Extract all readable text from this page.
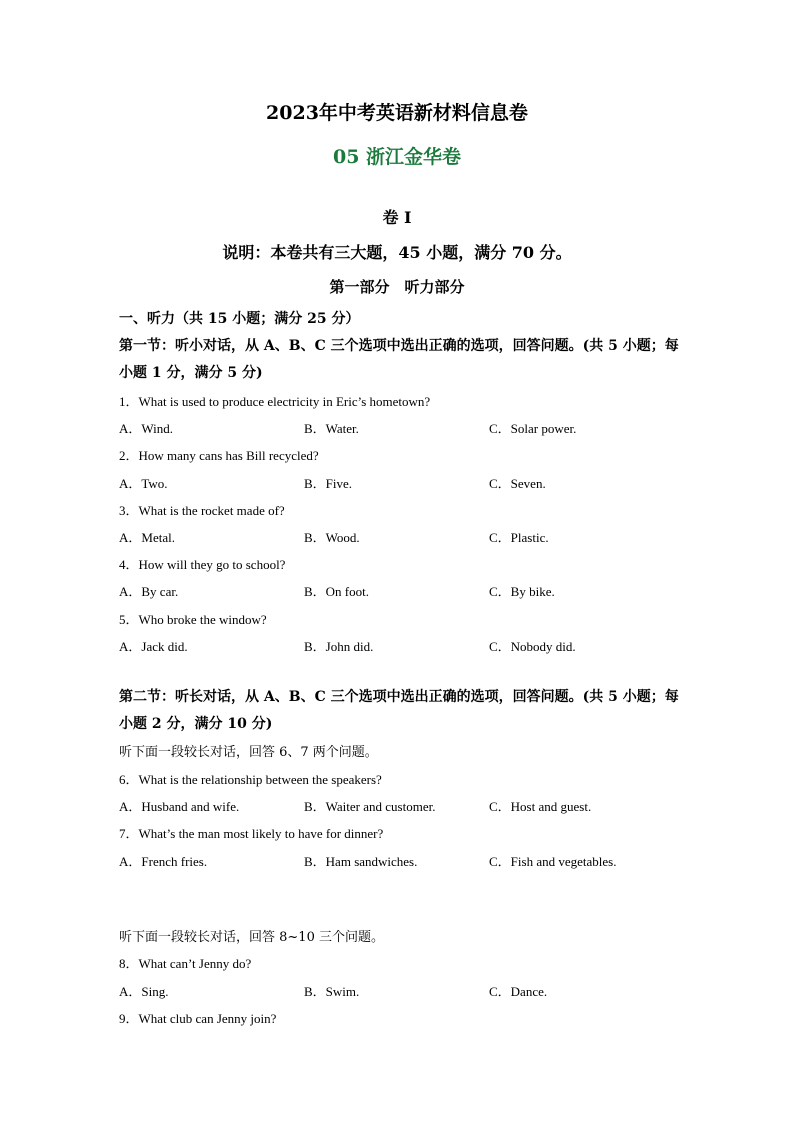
2023年中考英语新材料信息卷
05 浙江金华卷
卷 I
说明：本卷共有三大题，45 小题，满分 70 分。
第一部分　听力部分
一、听力（共 15 小题；满分 25 分）
第一节：听小对话，从 A、B、C 三个选项中选出正确的选项，回答问题。(共 5 小题；每
小题 1 分，满分 5 分)
1．What is used to produce electricity in Eric’s hometown?
A．Wind.	B．Water.	C．Solar power.
2．How many cans has Bill recycled?
A．Two.	B．Five.	C．Seven.
3．What is the rocket made of?
A．Metal.	B．Wood.	C．Plastic.
4．How will they go to school?
A．By car.	B．On foot.	C．By bike.
5．Who broke the window?
A．Jack did.	B．John did.	C．Nobody did.
第二节：听长对话，从 A、B、C 三个选项中选出正确的选项，回答问题。(共 5 小题；每
小题 2 分，满分 10 分)
听下面一段较长对话，回答 6、7 两个问题。
6．What is the relationship between the speakers?
A．Husband and wife.	B．Waiter and customer.	C．Host and guest.
7．What’s the man most likely to have for dinner?
A．French fries.	B．Ham sandwiches.	C．Fish and vegetables.
听下面一段较长对话，回答 8~10 三个问题。
8．What can’t Jenny do?
A．Sing.	B．Swim.	C．Dance.
9．What club can Jenny join?
